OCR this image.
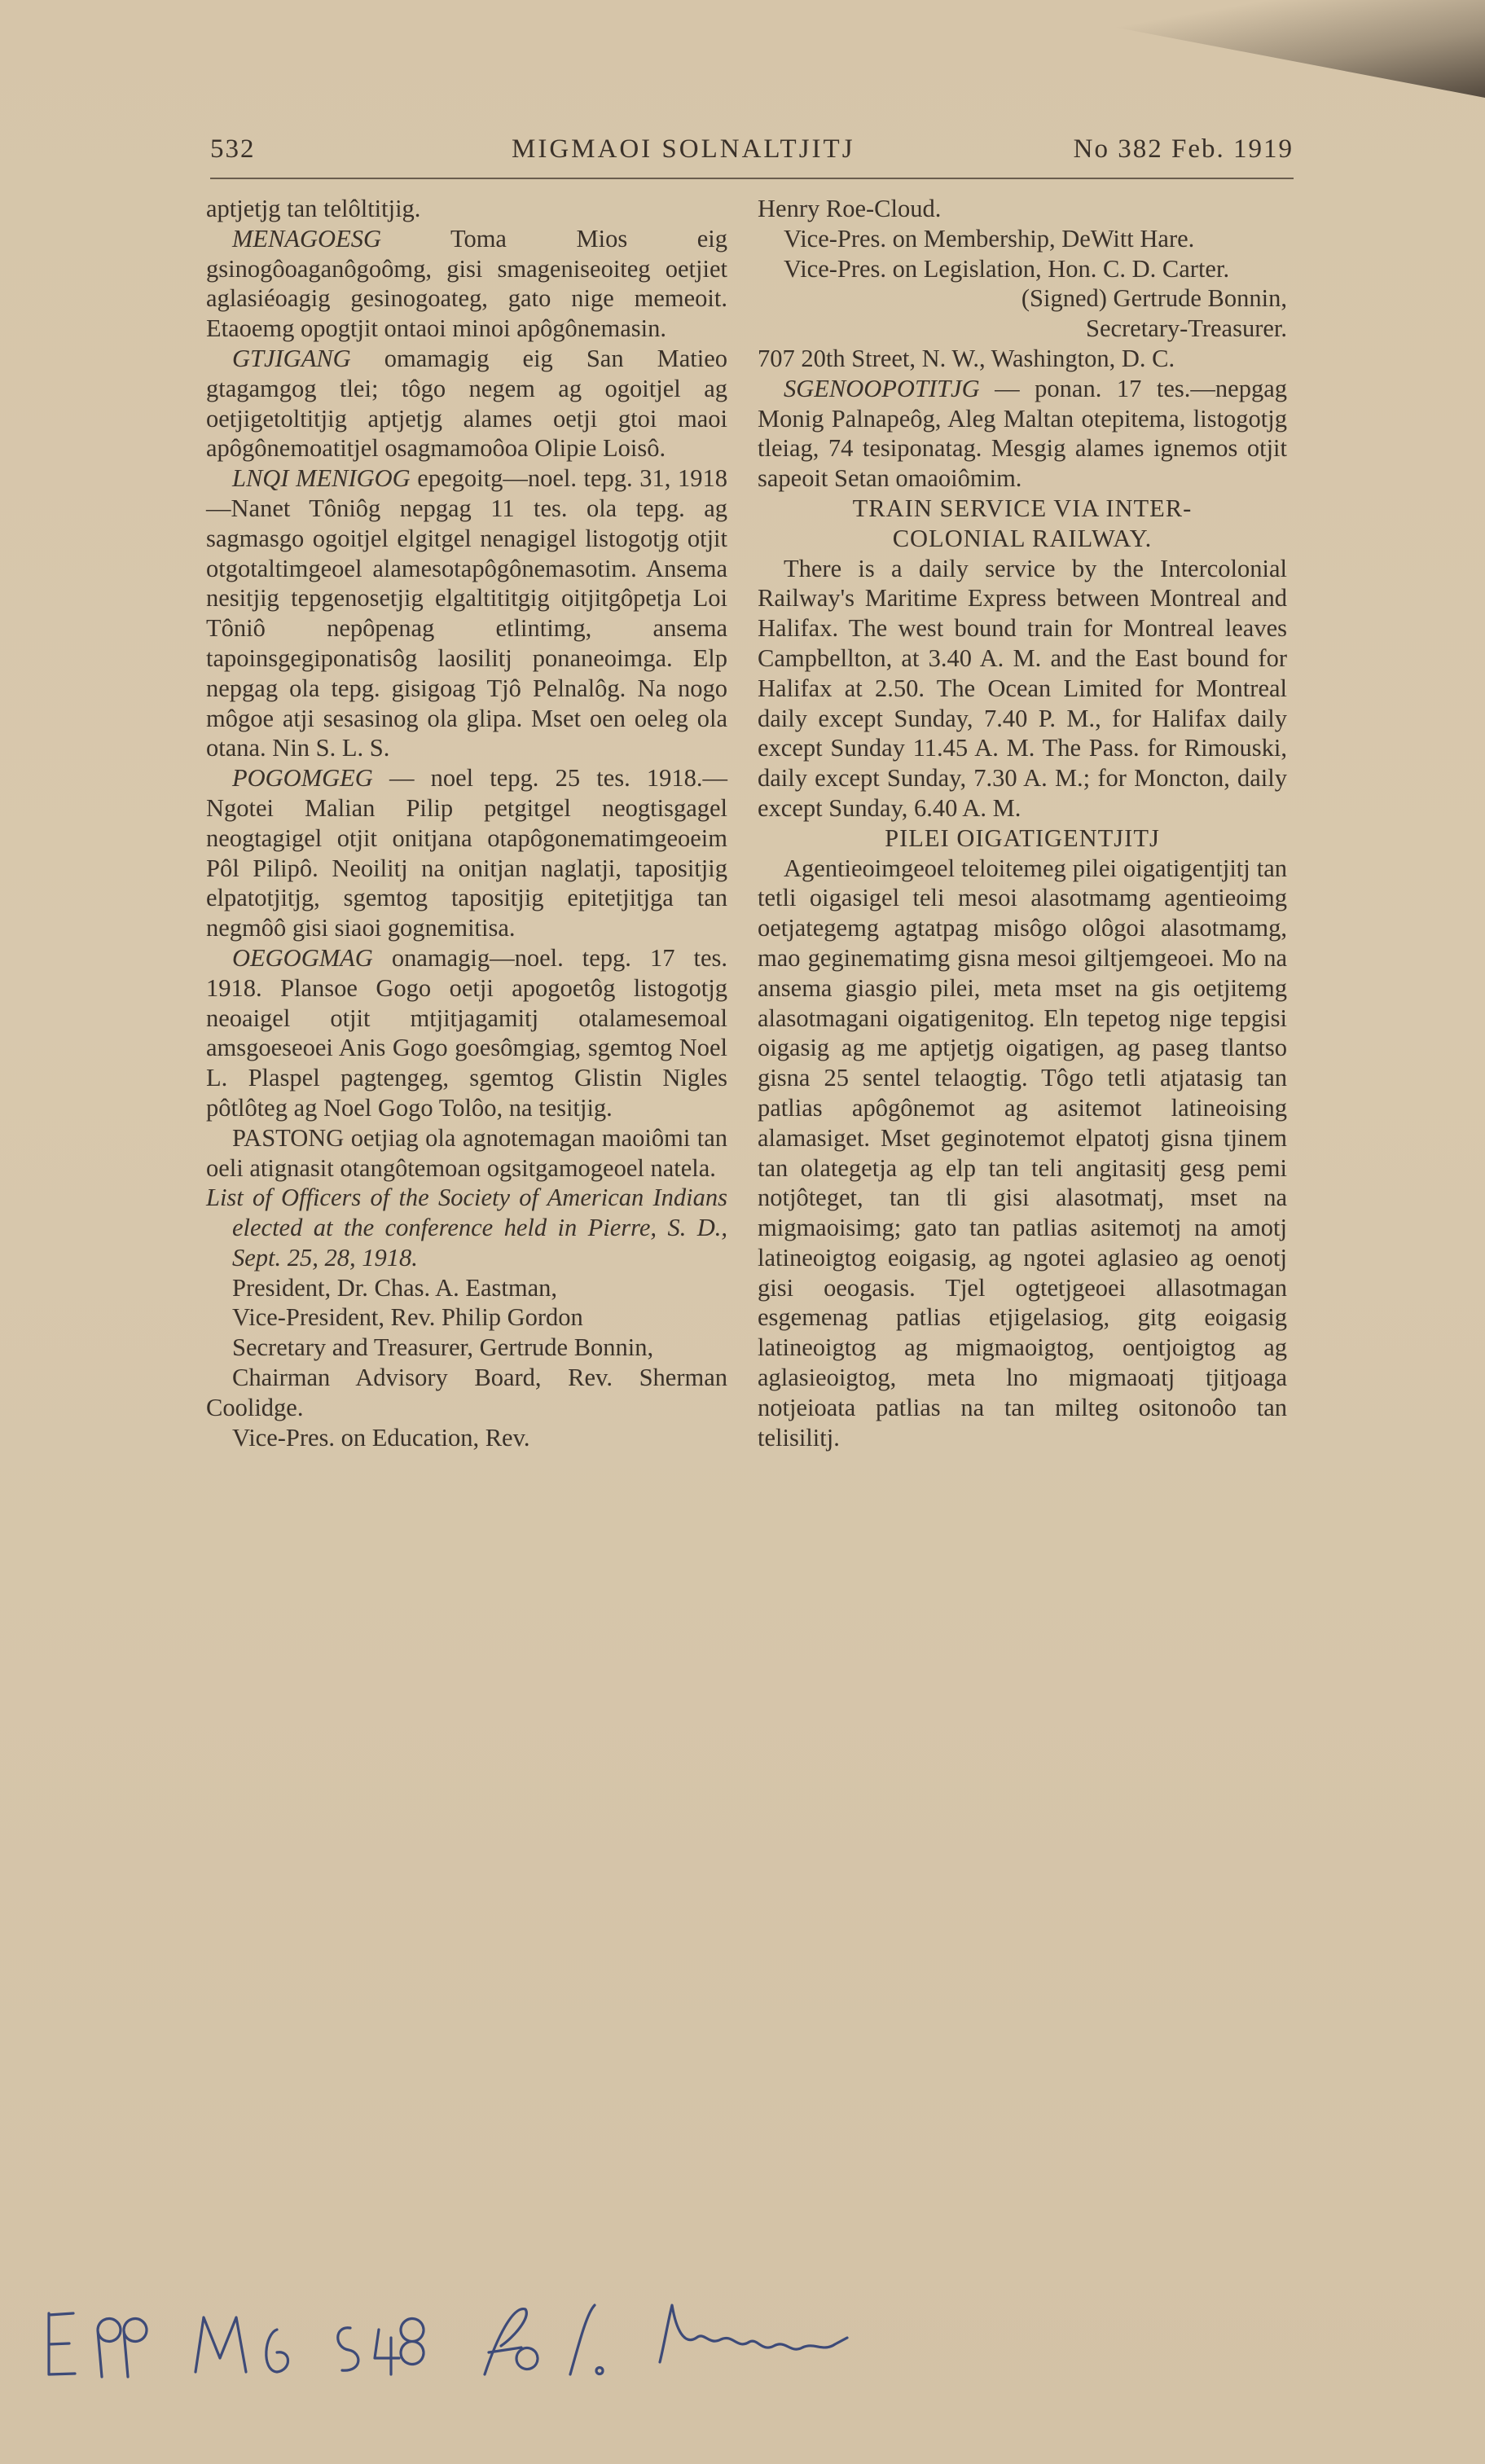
532	MIGMAOI SOLNALTJITJ	No 382 Feb. 1919

aptjetjg tan telôltitjig.

MENAGOESG Toma Mios eig gsinogôoaganôgoômg, gisi smagenisеoiteg oetjiet aglasiéoagig gesinogoateg, gato nige memeoit. Etaoemg opogtjit ontaoi minoi apôgônemasin.

GTJIGANG omamagig eig San Matieo gtagamgog tlei; tôgo negem ag ogoitjel ag oetjigetoltitjig aptjetjg alames oetji gtoi maoi apôgônemoatitjel osagmamoôoa Olipie Loisô.

LNQI MENIGOG epegoitg—noel. tepg. 31, 1918—Nanet Tôniôg nepgag 11 tes. ola tepg. ag sagmasgo ogoitjel elgitgel nenagigel listogotjg otjit otgotaltimgeoel alamesotapôgônemasotim. Ansema nesitjig tepgenosetjig elgaltititgig oitjitgôpetja Loi Tôniô nepôpenag etlintimg, ansema tapoinsgegiponatisôg laosilitj ponaneoimga. Elp nepgag ola tepg. gisigoag Tjô Pelnalôg. Na nogo môgoe atji sesasinog ola glipa. Mset oen oeleg ola otana. Nin S. L. S.

POGOMGEG — noel tepg. 25 tes. 1918.—Ngotei Malian Pilip petgitgel neogtisgagel neogtagigel otjit onitjana otapôgonematimgeoeim Pôl Pilipô. Neoilitj na onitjan naglatji, tapositjig elpatotjitjg, sgemtog tapositjig epitetjitjga tan negmôô gisi siaoi gognemitisa.

OEGOGMAG onamagig—noel. tepg. 17 tes. 1918. Plansoe Gogo oetji apogoetôg listogotjg neoaigel otjit mtjitjagamitj otalamesemoal amsgoeseoei Anis Gogo goesômgiag, sgemtog Noel L. Plaspel pagtengeg, sgemtog Glistin Nigles pôtlôteg ag Noel Gogo Tolôo, na tesitjig.

PASTONG oetjiag ola agnotemagan maoiômi tan oeli atignasit otangôtemoan ogsitgamogeoel natela.

List of Officers of the Society of American Indians elected at the conference held in Pierre, S. D., Sept. 25, 28, 1918.

President, Dr. Chas. A. Eastman,

Vice-President, Rev. Philip Gordon

Secretary and Treasurer, Gertrude Bonnin,

Chairman Advisory Board, Rev. Sherman Coolidge.

Vice-Pres. on Education, Rev.

Henry Roe-Cloud.

Vice-Pres. on Membership, DeWitt Hare.

Vice-Pres. on Legislation, Hon. C. D. Carter.

(Signed) Gertrude Bonnin,

Secretary-Treasurer.

707 20th Street, N. W., Washington, D. C.

SGENOOPOTITJG — ponan. 17 tes.—nepgag Monig Palnapeôg, Aleg Maltan otepitema, listogotjg tleiag, 74 tesiponatag. Mesgig alames ignemos otjit sapeoit Setan omaoiômim.

TRAIN SERVICE VIA INTER-

COLONIAL RAILWAY.

There is a daily service by the Intercolonial Railway's Maritime Express between Montreal and Halifax. The west bound train for Montreal leaves Campbellton, at 3.40 A. M. and the East bound for Halifax at 2.50. The Ocean Limited for Montreal daily except Sunday, 7.40 P. M., for Halifax daily except Sunday 11.45 A. M. The Pass. for Rimouski, daily except Sunday, 7.30 A. M.; for Moncton, daily except Sunday, 6.40 A. M.

PILEI OIGATIGENTJITJ

Agentieoimgeoel teloitemeg pilei oigatigentjitj tan tetli oigasigel teli mesoi alasotmamg agentieoimg oetjategemg agtatpag misôgo olôgoi alasotmamg, mao geginematimg gisna mesoi giltjemgeoei. Mo na ansema giasgio pilei, meta mset na gis oetjitemg alasotmagani oigatigenitog. Eln tepetog nige tepgisi oigasig ag me aptjetjg oigatigen, ag paseg tlantso gisna 25 sentel telaogtig. Tôgo tetli atjatasig tan patlias apôgônemot ag asitemot latineoising alamasiget. Mset geginotemot elpatotj gisna tjinem tan olategetja ag elp tan teli angitasitj gesg pemi notjôteget, tan tli gisi alasotmatj, mset na migmaoisimg; gato tan patlias asitemotj na amotj latineoigtog eoigasig, ag ngotei aglasieo ag oenotj gisi oeogasis. Tjel ogtetjgeoei allasotmagan esgemenag patlias etjigelasiog, gitg eoigasig latineoigtog ag migmaoigtog, oentjoigtog ag aglasieoigtog, meta lno migmaoatj tjitjoaga notjeioata patlias na tan milteg ositonoôo tan telisilitj.
